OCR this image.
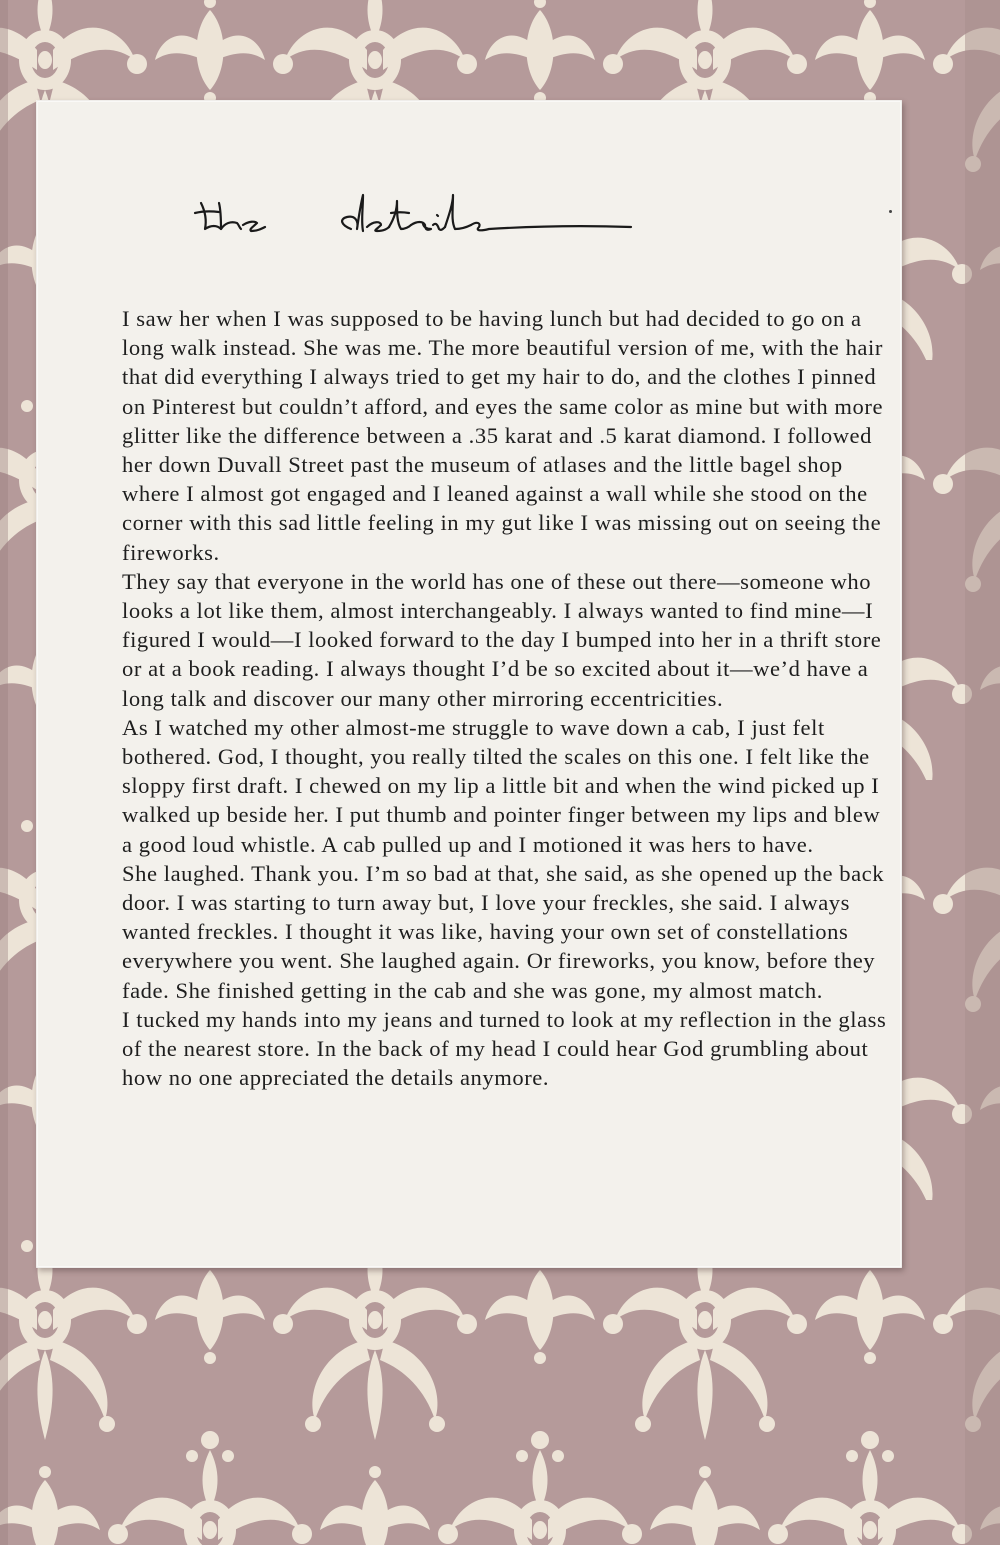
I saw her when I was supposed to be having lunch but had decided to go on a long walk instead. She was me. The more beautiful version of me, with the hair that did everything I always tried to get my hair to do, and the clothes I pinned on Pinterest but couldn’t afford, and eyes the same color as mine but with more glitter like the difference between a .35 karat and .5 karat diamond. I followed her down Duvall Street past the museum of atlases and the little bagel shop where I almost got engaged and I leaned against a wall while she stood on the corner with this sad little feeling in my gut like I was missing out on seeing the fireworks.

They say that everyone in the world has one of these out there—someone who looks a lot like them, almost interchangeably. I always wanted to find mine—I figured I would—I looked forward to the day I bumped into her in a thrift store or at a book reading. I always thought I’d be so excited about it—we’d have a long talk and discover our many other mirroring eccentricities.

As I watched my other almost-me struggle to wave down a cab, I just felt bothered. God, I thought, you really tilted the scales on this one. I felt like the sloppy first draft. I chewed on my lip a little bit and when the wind picked up I walked up beside her. I put thumb and pointer finger between my lips and blew a good loud whistle. A cab pulled up and I motioned it was hers to have.

She laughed. Thank you. I’m so bad at that, she said, as she opened up the back door. I was starting to turn away but, I love your freckles, she said. I always wanted freckles. I thought it was like, having your own set of constellations everywhere you went. She laughed again. Or fireworks, you know, before they fade. She finished getting in the cab and she was gone, my almost match.

I tucked my hands into my jeans and turned to look at my reflection in the glass of the nearest store. In the back of my head I could hear God grumbling about how no one appreciated the details anymore.
